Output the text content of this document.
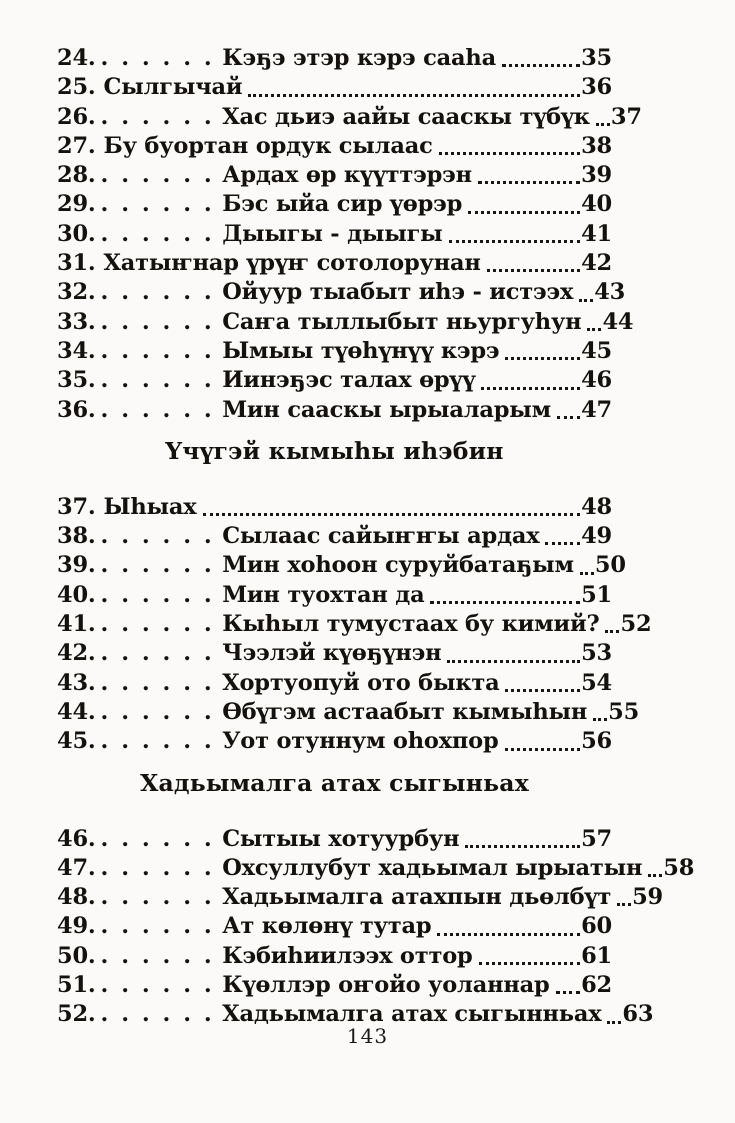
24. . . . . . . Кэҕэ этэр кэрэ сааһа	35
25. Сылгычай	36
26. . . . . . . Хас дьиэ аайы сааскы түбүк 37
27. Бу буортан ордук сылаас	38
28. . . . . . . Ардах өр күүттэрэн	39
29. . . . . . . Бэс ыйа сир үөрэр	40
30. . . . . . . Дыыгы - дыыгы	41
31. Хатыҥнар үрүҥ сотолорунан	42
32. . . . . . . Ойуур тыабыт иһэ - истээх 43
33. . . . . . . Саҥа тыллыбыт ньургуһун 44
34. . . . . . . Ымыы түөһүнүү кэрэ	45
35. . . . . . . Иинэҕэс талах өрүү	46
36. . . . . . . Мин сааскы ырыаларым 47
Үчүгэй кымыһы иһэбин
37. Ыһыах	48
38. . . . . . . Сылаас сайыҥҥы ардах 49
39. . . . . . . Мин хоһоон суруйбатаҕым 50
40. . . . . . . Мин туохтан да	51
41. . . . . . . Кыһыл тумустаах бу кимий? 52
42. . . . . . . Чээлэй күөҕүнэн	53
43. . . . . . . Хортуопуй ото быкта	54
44. . . . . . . Өбүгэм астаабыт кымыһын 55
45. . . . . . . Уот отуннум оһохпор	56
Хадьымалга атах сыгыньах
46. . . . . . . Сытыы хотуурбун	57
47. . . . . . . Охсуллубут хадьымал ырыатын 58
48. . . . . . . Хадьымалга атахпын дьөлбүт 59
49. . . . . . . Ат көлөнү тутар	60
50. . . . . . . Кэбиһиилээх оттор	61
51. . . . . . . Күөллэр оҥойо уоланнар 62
52. . . . . . . Хадьымалга атах сыгынньах 63
143
